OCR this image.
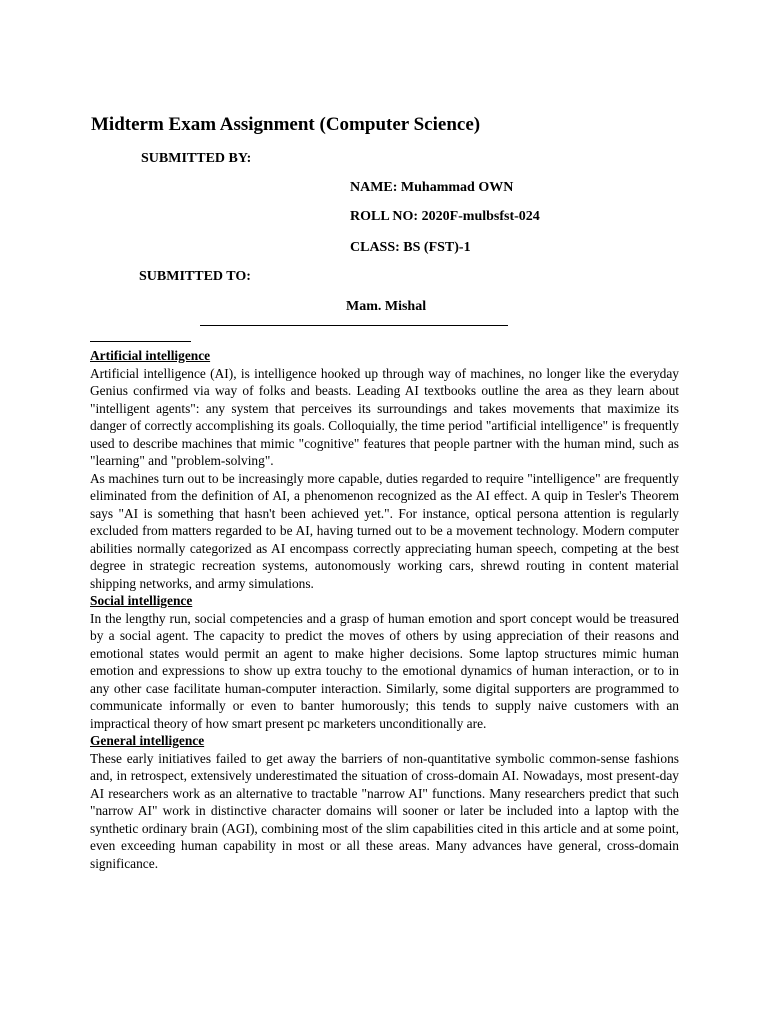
Midterm Exam Assignment (Computer Science)
SUBMITTED BY:
NAME: Muhammad OWN
ROLL NO: 2020F-mulbsfst-024
CLASS: BS (FST)-1
SUBMITTED TO:
Mam. Mishal
Artificial intelligence

Artificial intelligence (AI), is intelligence hooked up through way of machines, no longer like the everyday Genius confirmed via way of folks and beasts. Leading AI textbooks outline the area as they learn about "intelligent agents": any system that perceives its surroundings and takes movements that maximize its danger of correctly accomplishing its goals. Colloquially, the time period "artificial intelligence" is frequently used to describe machines that mimic "cognitive" features that people partner with the human mind, such as "learning" and "problem-solving".

As machines turn out to be increasingly more capable, duties regarded to require "intelligence" are frequently eliminated from the definition of AI, a phenomenon recognized as the AI effect. A quip in Tesler's Theorem says "AI is something that hasn't been achieved yet.". For instance, optical persona attention is regularly excluded from matters regarded to be AI, having turned out to be a movement technology. Modern computer abilities normally categorized as AI encompass correctly appreciating human speech, competing at the best degree in strategic recreation systems, autonomously working cars, shrewd routing in content material shipping networks, and army simulations.

Social intelligence

In the lengthy run, social competencies and a grasp of human emotion and sport concept would be treasured by a social agent. The capacity to predict the moves of others by using appreciation of their reasons and emotional states would permit an agent to make higher decisions. Some laptop structures mimic human emotion and expressions to show up extra touchy to the emotional dynamics of human interaction, or to in any other case facilitate human-computer interaction. Similarly, some digital supporters are programmed to communicate informally or even to banter humorously; this tends to supply naive customers with an impractical theory of how smart present pc marketers unconditionally are.

General intelligence

These early initiatives failed to get away the barriers of non-quantitative symbolic common-sense fashions and, in retrospect, extensively underestimated the situation of cross-domain AI. Nowadays, most present-day AI researchers work as an alternative to tractable "narrow AI" functions. Many researchers predict that such "narrow AI" work in distinctive character domains will sooner or later be included into a laptop with the synthetic ordinary brain (AGI), combining most of the slim capabilities cited in this article and at some point, even exceeding human capability in most or all these areas. Many advances have general, cross-domain significance.
